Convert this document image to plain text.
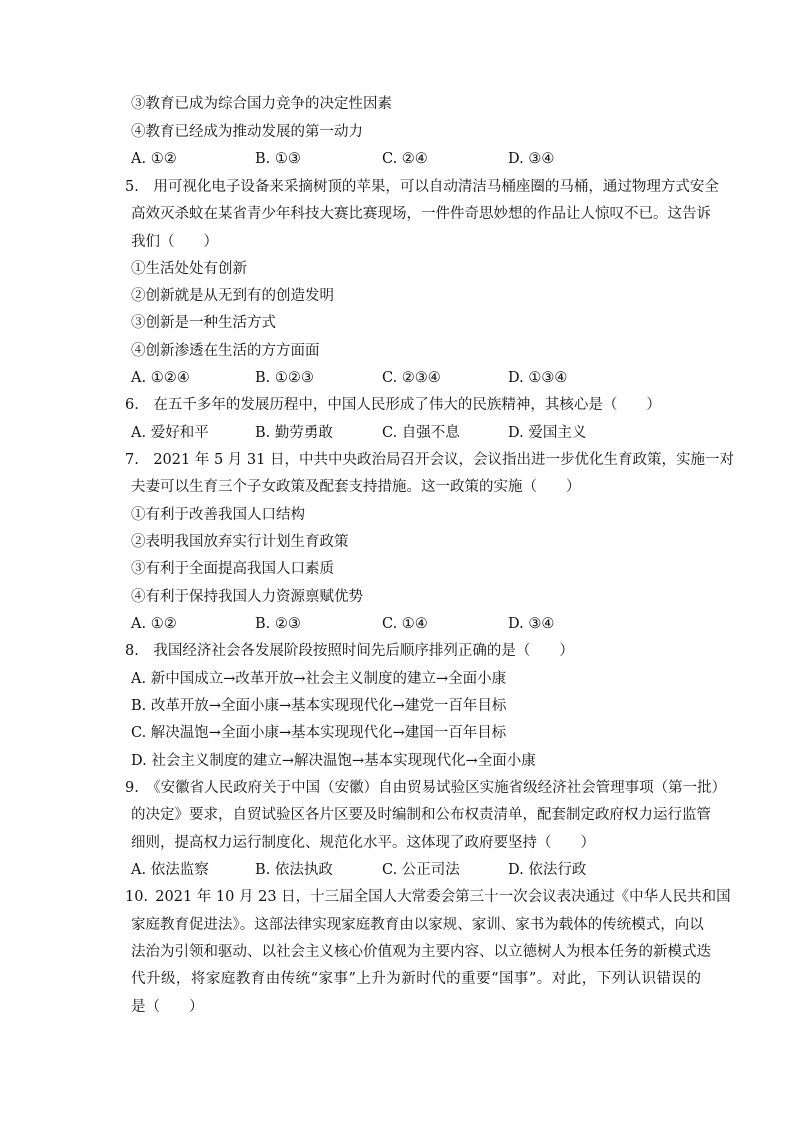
③教育已成为综合国力竞争的决定性因素
④教育已经成为推动发展的第一动力
A. ①②	B. ①③	C. ②④	D. ③④
5.　用可视化电子设备来采摘树顶的苹果，可以自动清洁马桶座圈的马桶，通过物理方式安全
高效灭杀蚊在某省青少年科技大赛比赛现场，一件件奇思妙想的作品让人惊叹不已。这告诉
我们（　　）
①生活处处有创新
②创新就是从无到有的创造发明
③创新是一种生活方式
④创新渗透在生活的方方面面
A. ①②④	B. ①②③	C. ②③④	D. ①③④
6.　在五千多年的发展历程中，中国人民形成了伟大的民族精神，其核心是（　　）
A. 爱好和平	B. 勤劳勇敢	C. 自强不息	D. 爱国主义
7.　2021 年 5 月 31 日，中共中央政治局召开会议，会议指出进一步优化生育政策，实施一对
夫妻可以生育三个子女政策及配套支持措施。这一政策的实施（　　）
①有利于改善我国人口结构
②表明我国放弃实行计划生育政策
③有利于全面提高我国人口素质
④有利于保持我国人力资源禀赋优势
A. ①②	B. ②③	C. ①④	D. ③④
8.　我国经济社会各发展阶段按照时间先后顺序排列正确的是（　　）
A. 新中国成立→改革开放→社会主义制度的建立→全面小康
B. 改革开放→全面小康→基本实现现代化→建党一百年目标
C. 解决温饱→全面小康→基本实现现代化→建国一百年目标
D. 社会主义制度的建立→解决温饱→基本实现现代化→全面小康
9.　《安徽省人民政府关于中国（安徽）自由贸易试验区实施省级经济社会管理事项（第一批）
的决定》要求，自贸试验区各片区要及时编制和公布权责清单，配套制定政府权力运行监管
细则，提高权力运行制度化、规范化水平。这体现了政府要坚持（　　）
A. 依法监察	B. 依法执政	C. 公正司法	D. 依法行政
10. 2021 年 10 月 23 日，十三届全国人大常委会第三十一次会议表决通过《中华人民共和国
家庭教育促进法》。这部法律实现家庭教育由以家规、家训、家书为载体的传统模式，向以
法治为引领和驱动、以社会主义核心价值观为主要内容、以立德树人为根本任务的新模式迭
代升级，将家庭教育由传统“家事”上升为新时代的重要“国事”。对此，下列认识错误的
是（　　）
